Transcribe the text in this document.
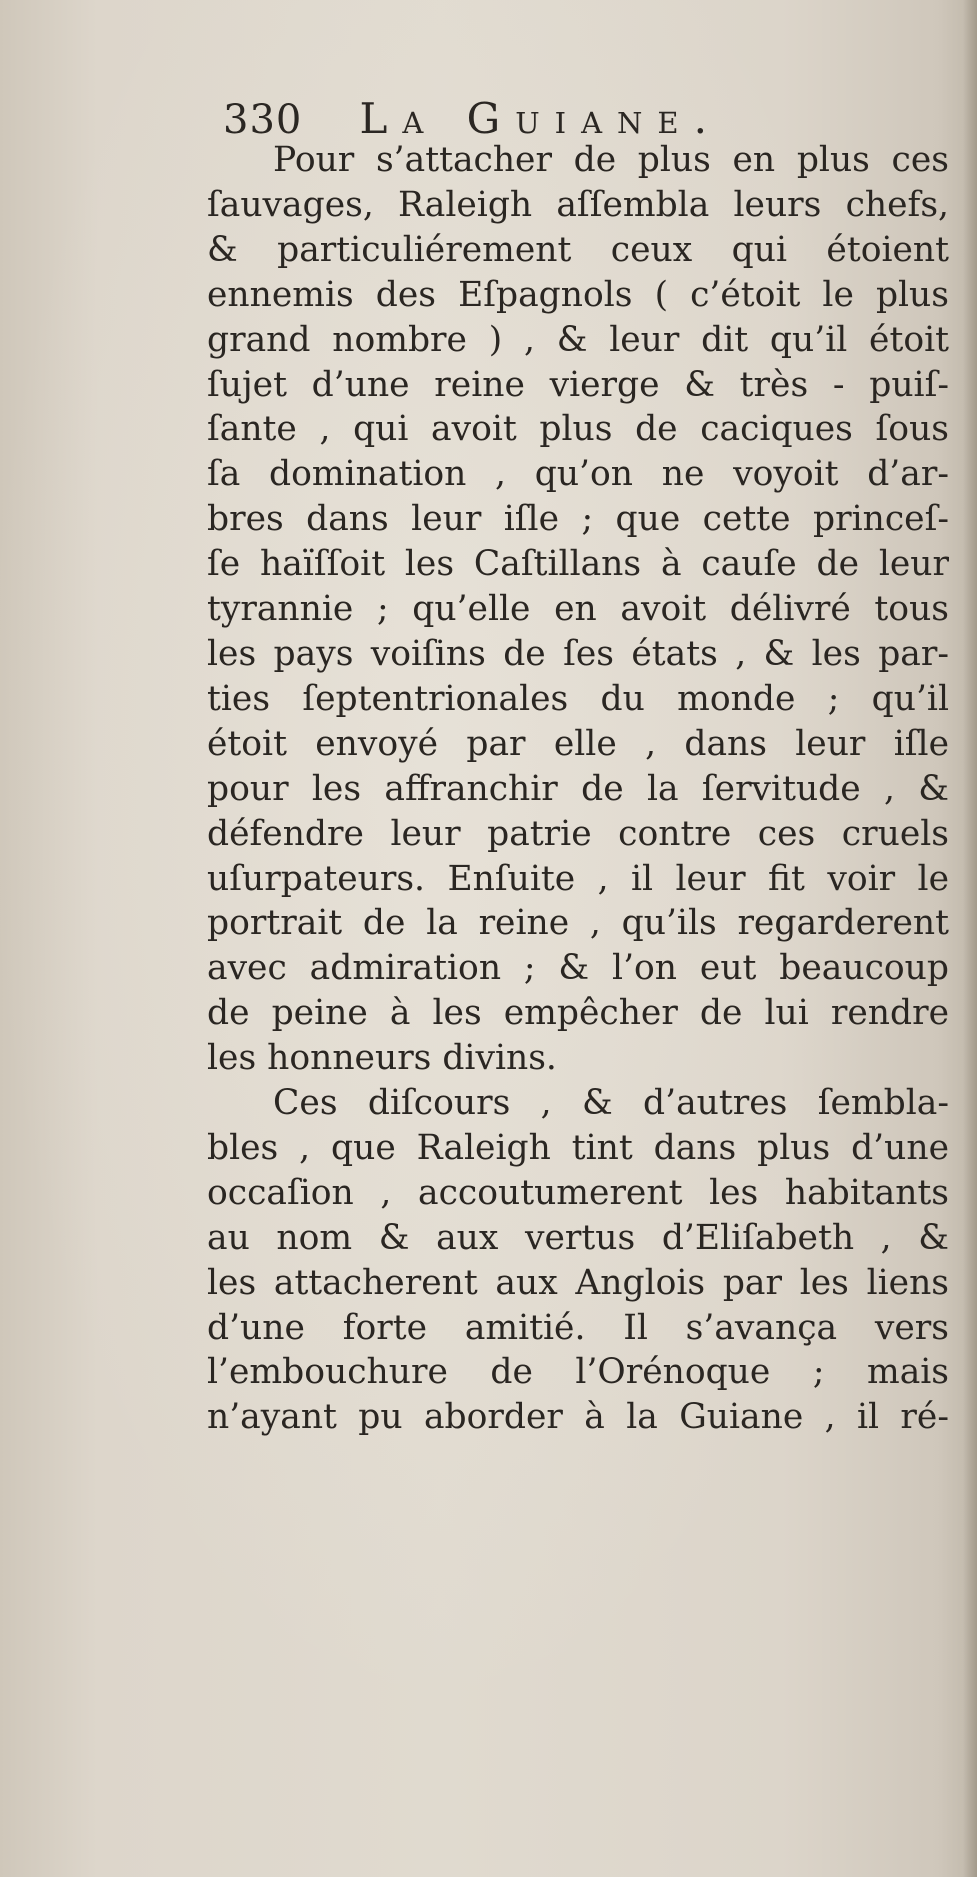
330 La Guiane.
Pour s’attacher de plus en plus ces
ſauvages, Raleigh aſſembla leurs chefs,
& particuliérement ceux qui étoient
ennemis des Eſpagnols ( c’étoit le plus
grand nombre ) , & leur dit qu’il étoit
ſujet d’une reine vierge & très - puiſ-
ſante , qui avoit plus de caciques ſous
ſa domination , qu’on ne voyoit d’ar-
bres dans leur iſle ; que cette princeſ-
ſe haïſſoit les Caſtillans à cauſe de leur
tyrannie ; qu’elle en avoit délivré tous
les pays voiſins de ſes états , & les par-
ties ſeptentrionales du monde ; qu’il
étoit envoyé par elle , dans leur iſle
pour les affranchir de la ſervitude , &
défendre leur patrie contre ces cruels
uſurpateurs. Enſuite , il leur fit voir le
portrait de la reine , qu’ils regarderent
avec admiration ; & l’on eut beaucoup
de peine à les empêcher de lui rendre
les honneurs divins.
Ces diſcours , & d’autres ſembla-
bles , que Raleigh tint dans plus d’une
occaſion , accoutumerent les habitants
au nom & aux vertus d’Eliſabeth , &
les attacherent aux Anglois par les liens
d’une forte amitié. Il s’avança vers
l’embouchure de l’Orénoque ; mais
n’ayant pu aborder à la Guiane , il ré-
